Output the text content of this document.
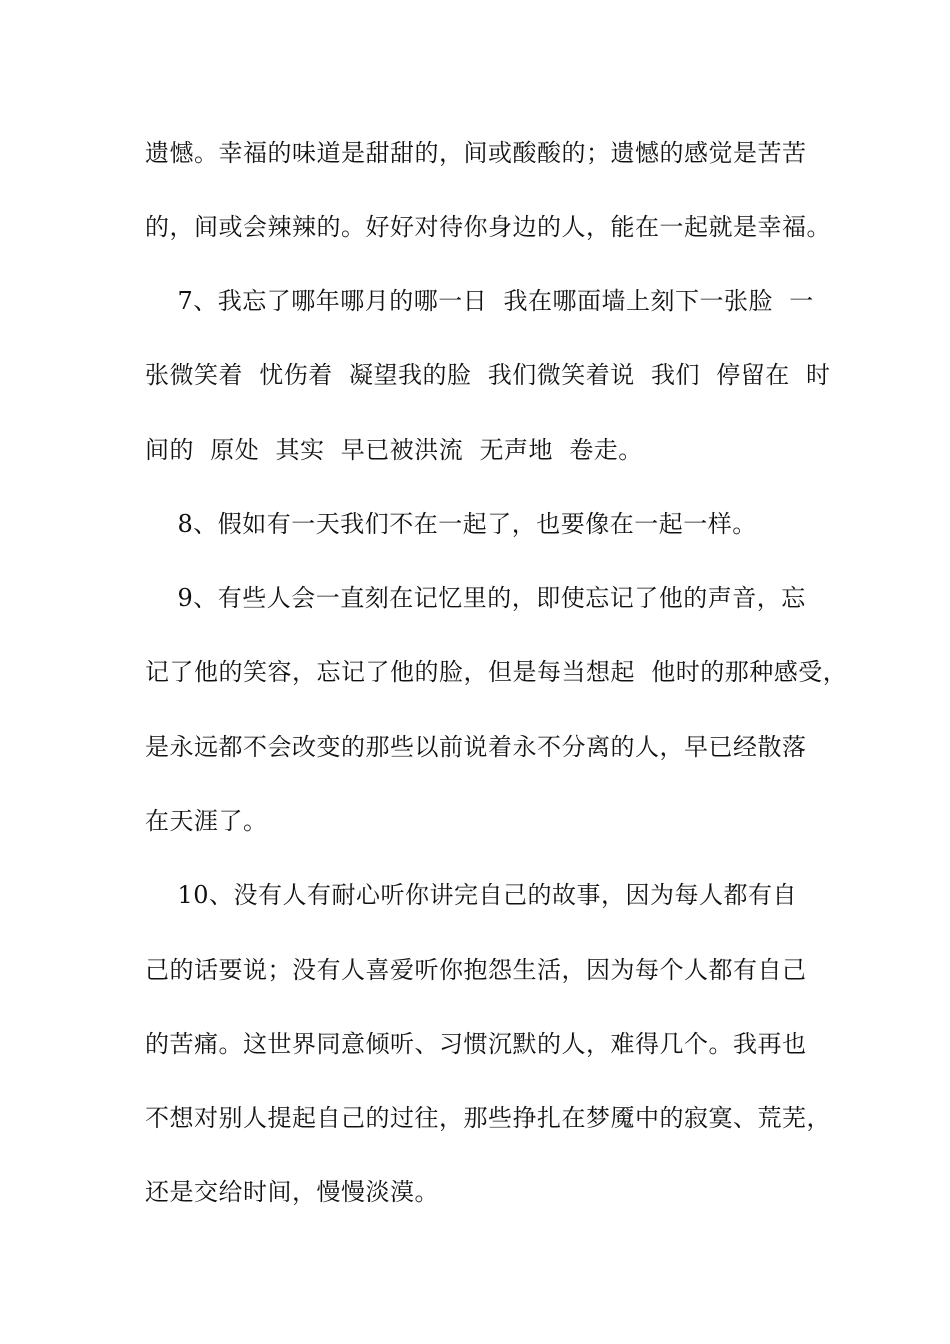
遗憾。幸福的味道是甜甜的，间或酸酸的；遗憾的感觉是苦苦
的，间或会辣辣的。好好对待你身边的人，能在一起就是幸福。
7、我忘了哪年哪月的哪一日  我在哪面墙上刻下一张脸  一
张微笑着  忧伤着  凝望我的脸  我们微笑着说  我们  停留在  时
间的  原处  其实  早已被洪流  无声地  卷走。
8、假如有一天我们不在一起了，也要像在一起一样。
9、有些人会一直刻在记忆里的，即使忘记了他的声音，忘
记了他的笑容，忘记了他的脸，但是每当想起  他时的那种感受，
是永远都不会改变的那些以前说着永不分离的人，早已经散落
在天涯了。
10、没有人有耐心听你讲完自己的故事，因为每人都有自
己的话要说；没有人喜爱听你抱怨生活，因为每个人都有自己
的苦痛。这世界同意倾听、习惯沉默的人，难得几个。我再也
不想对别人提起自己的过往，那些挣扎在梦魇中的寂寞、荒芜，
还是交给时间，慢慢淡漠。
